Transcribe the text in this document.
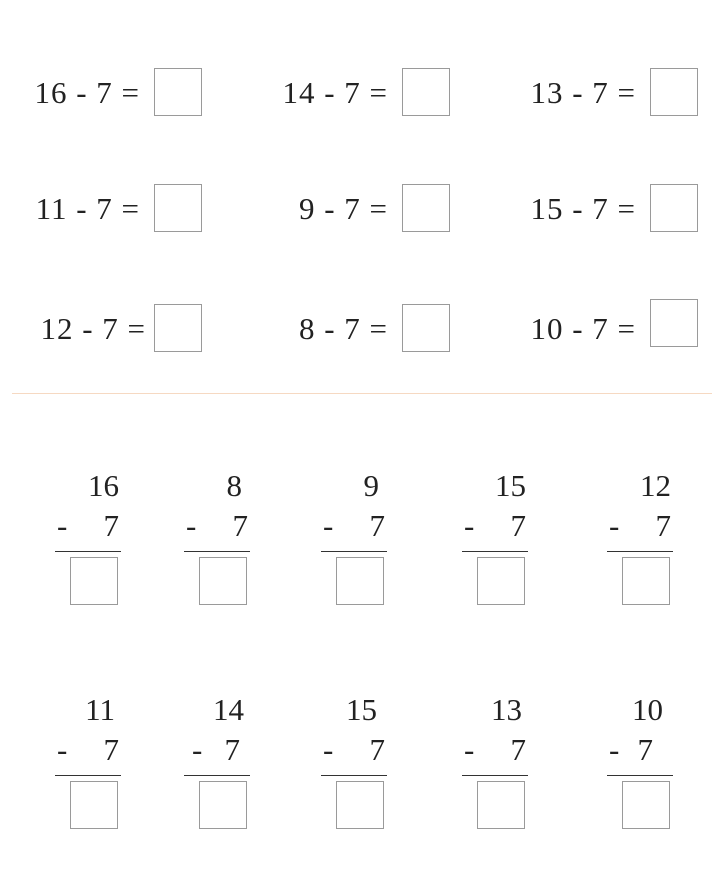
16 - 7 =	14 - 7 =	13 - 7 =
11 - 7 =	9 - 7 =	15 - 7 =
12 - 7 =	8 - 7 =	10 - 7 =
16
- 7
8
- 7
9
- 7
15
- 7
12
- 7
11
- 7
14
- 7
15
- 7
13
- 7
10
- 7
